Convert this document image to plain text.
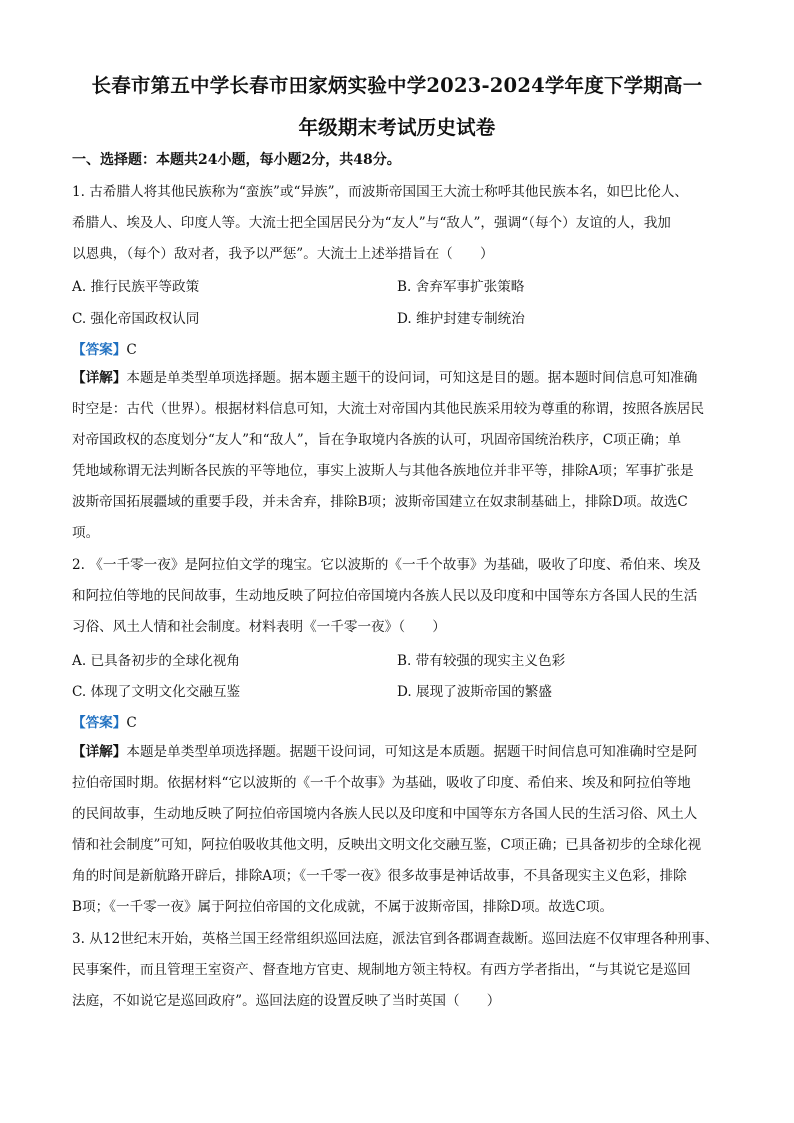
长春市第五中学长春市田家炳实验中学2023-2024学年度下学期高一
年级期末考试历史试卷
一、选择题：本题共24小题，每小题2分，共48分。
1. 古希腊人将其他民族称为“蛮族”或“异族”，而波斯帝国国王大流士称呼其他民族本名，如巴比伦人、
希腊人、埃及人、印度人等。大流士把全国居民分为“友人”与“敌人”，强调“（每个）友谊的人，我加
以恩典，（每个）敌对者，我予以严惩”。大流士上述举措旨在（　　）
A. 推行民族平等政策	B. 舍弃军事扩张策略
C. 强化帝国政权认同	D. 维护封建专制统治
【答案】C
【详解】本题是单类型单项选择题。据本题主题干的设问词，可知这是目的题。据本题时间信息可知准确
时空是：古代（世界）。根据材料信息可知，大流士对帝国内其他民族采用较为尊重的称谓，按照各族居民
对帝国政权的态度划分“友人”和“敌人”，旨在争取境内各族的认可，巩固帝国统治秩序，C项正确；单
凭地域称谓无法判断各民族的平等地位，事实上波斯人与其他各族地位并非平等，排除A项；军事扩张是
波斯帝国拓展疆域的重要手段，并未舍弃，排除B项；波斯帝国建立在奴隶制基础上，排除D项。故选C
项。
2. 《一千零一夜》是阿拉伯文学的瑰宝。它以波斯的《一千个故事》为基础，吸收了印度、希伯来、埃及
和阿拉伯等地的民间故事，生动地反映了阿拉伯帝国境内各族人民以及印度和中国等东方各国人民的生活
习俗、风土人情和社会制度。材料表明《一千零一夜》（　　）
A. 已具备初步的全球化视角	B. 带有较强的现实主义色彩
C. 体现了文明文化交融互鉴	D. 展现了波斯帝国的繁盛
【答案】C
【详解】本题是单类型单项选择题。据题干设问词，可知这是本质题。据题干时间信息可知准确时空是阿
拉伯帝国时期。依据材料“它以波斯的《一千个故事》为基础，吸收了印度、希伯来、埃及和阿拉伯等地
的民间故事，生动地反映了阿拉伯帝国境内各族人民以及印度和中国等东方各国人民的生活习俗、风土人
情和社会制度”可知，阿拉伯吸收其他文明，反映出文明文化交融互鉴，C项正确；已具备初步的全球化视
角的时间是新航路开辟后，排除A项；《一千零一夜》很多故事是神话故事，不具备现实主义色彩，排除
B项；《一千零一夜》属于阿拉伯帝国的文化成就，不属于波斯帝国，排除D项。故选C项。
3. 从12世纪末开始，英格兰国王经常组织巡回法庭，派法官到各郡调查裁断。巡回法庭不仅审理各种刑事、
民事案件，而且管理王室资产、督查地方官吏、规制地方领主特权。有西方学者指出，“与其说它是巡回
法庭，不如说它是巡回政府”。巡回法庭的设置反映了当时英国（　　）
